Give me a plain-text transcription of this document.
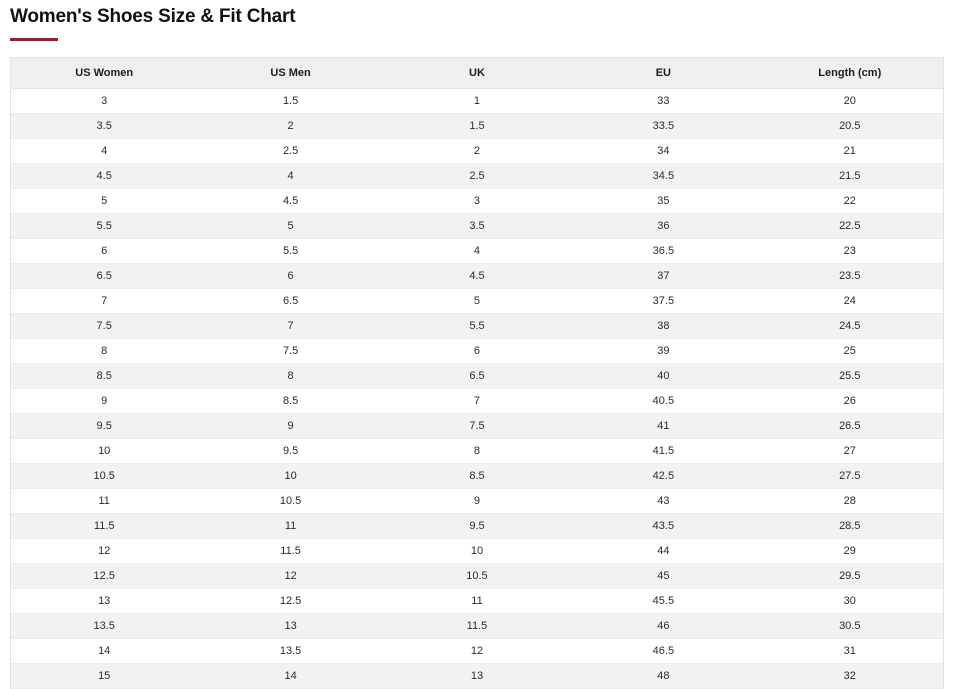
Women's Shoes Size & Fit Chart
US Women	US Men	UK	EU	Length (cm)
3	1.5	1	33	20
3.5	2	1.5	33.5	20.5
4	2.5	2	34	21
4.5	4	2.5	34.5	21.5
5	4.5	3	35	22
5.5	5	3.5	36	22.5
6	5.5	4	36.5	23
6.5	6	4.5	37	23.5
7	6.5	5	37.5	24
7.5	7	5.5	38	24.5
8	7.5	6	39	25
8.5	8	6.5	40	25.5
9	8.5	7	40.5	26
9.5	9	7.5	41	26.5
10	9.5	8	41.5	27
10.5	10	8.5	42.5	27.5
11	10.5	9	43	28
11.5	11	9.5	43.5	28.5
12	11.5	10	44	29
12.5	12	10.5	45	29.5
13	12.5	11	45.5	30
13.5	13	11.5	46	30.5
14	13.5	12	46.5	31
15	14	13	48	32
